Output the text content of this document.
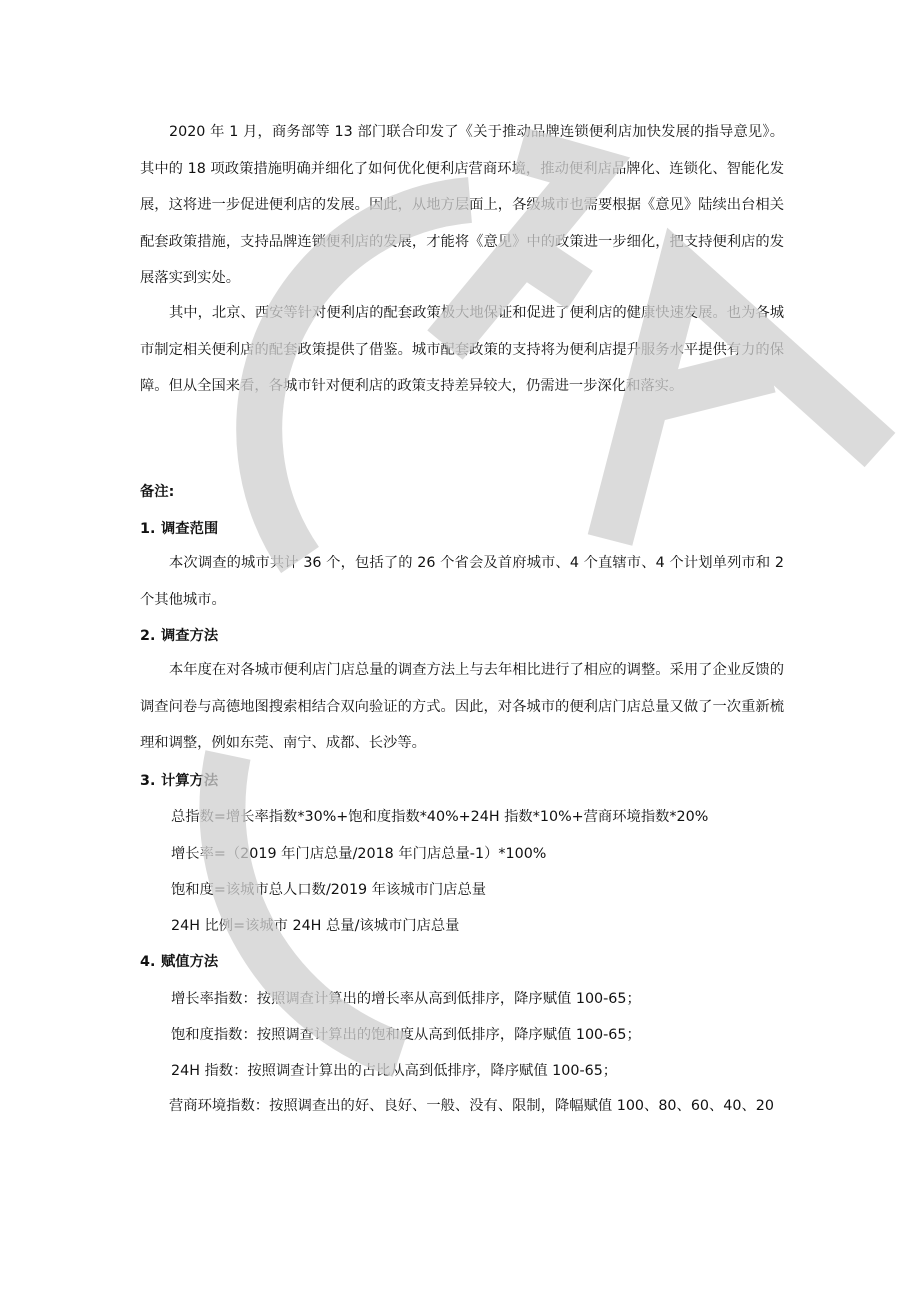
2020 年 1 月，商务部等 13 部门联合印发了《关于推动品牌连锁便利店加快发展的指导意见》。其中的 18 项政策措施明确并细化了如何优化便利店营商环境，推动便利店品牌化、连锁化、智能化发展，这将进一步促进便利店的发展。因此，从地方层面上，各级城市也需要根据《意见》陆续出台相关配套政策措施，支持品牌连锁便利店的发展，才能将《意见》中的政策进一步细化，把支持便利店的发展落实到实处。

其中，北京、西安等针对便利店的配套政策极大地保证和促进了便利店的健康快速发展。也为各城市制定相关便利店的配套政策提供了借鉴。城市配套政策的支持将为便利店提升服务水平提供有力的保障。但从全国来看，各城市针对便利店的政策支持差异较大，仍需进一步深化和落实。

备注:

1. 调查范围

本次调查的城市共计 36 个，包括了的 26 个省会及首府城市、4 个直辖市、4 个计划单列市和 2 个其他城市。

2. 调查方法

本年度在对各城市便利店门店总量的调查方法上与去年相比进行了相应的调整。采用了企业反馈的调查问卷与高德地图搜索相结合双向验证的方式。因此，对各城市的便利店门店总量又做了一次重新梳理和调整，例如东莞、南宁、成都、长沙等。

3. 计算方法

总指数=增长率指数*30%+饱和度指数*40%+24H 指数*10%+营商环境指数*20%

增长率=（2019 年门店总量/2018 年门店总量-1）*100%

饱和度=该城市总人口数/2019 年该城市门店总量

24H 比例=该城市 24H 总量/该城市门店总量

4. 赋值方法

增长率指数：按照调查计算出的增长率从高到低排序，降序赋值 100-65；

饱和度指数：按照调查计算出的饱和度从高到低排序，降序赋值 100-65；

24H 指数：按照调查计算出的占比从高到低排序，降序赋值 100-65；

营商环境指数：按照调查出的好、良好、一般、没有、限制，降幅赋值 100、80、60、40、20
